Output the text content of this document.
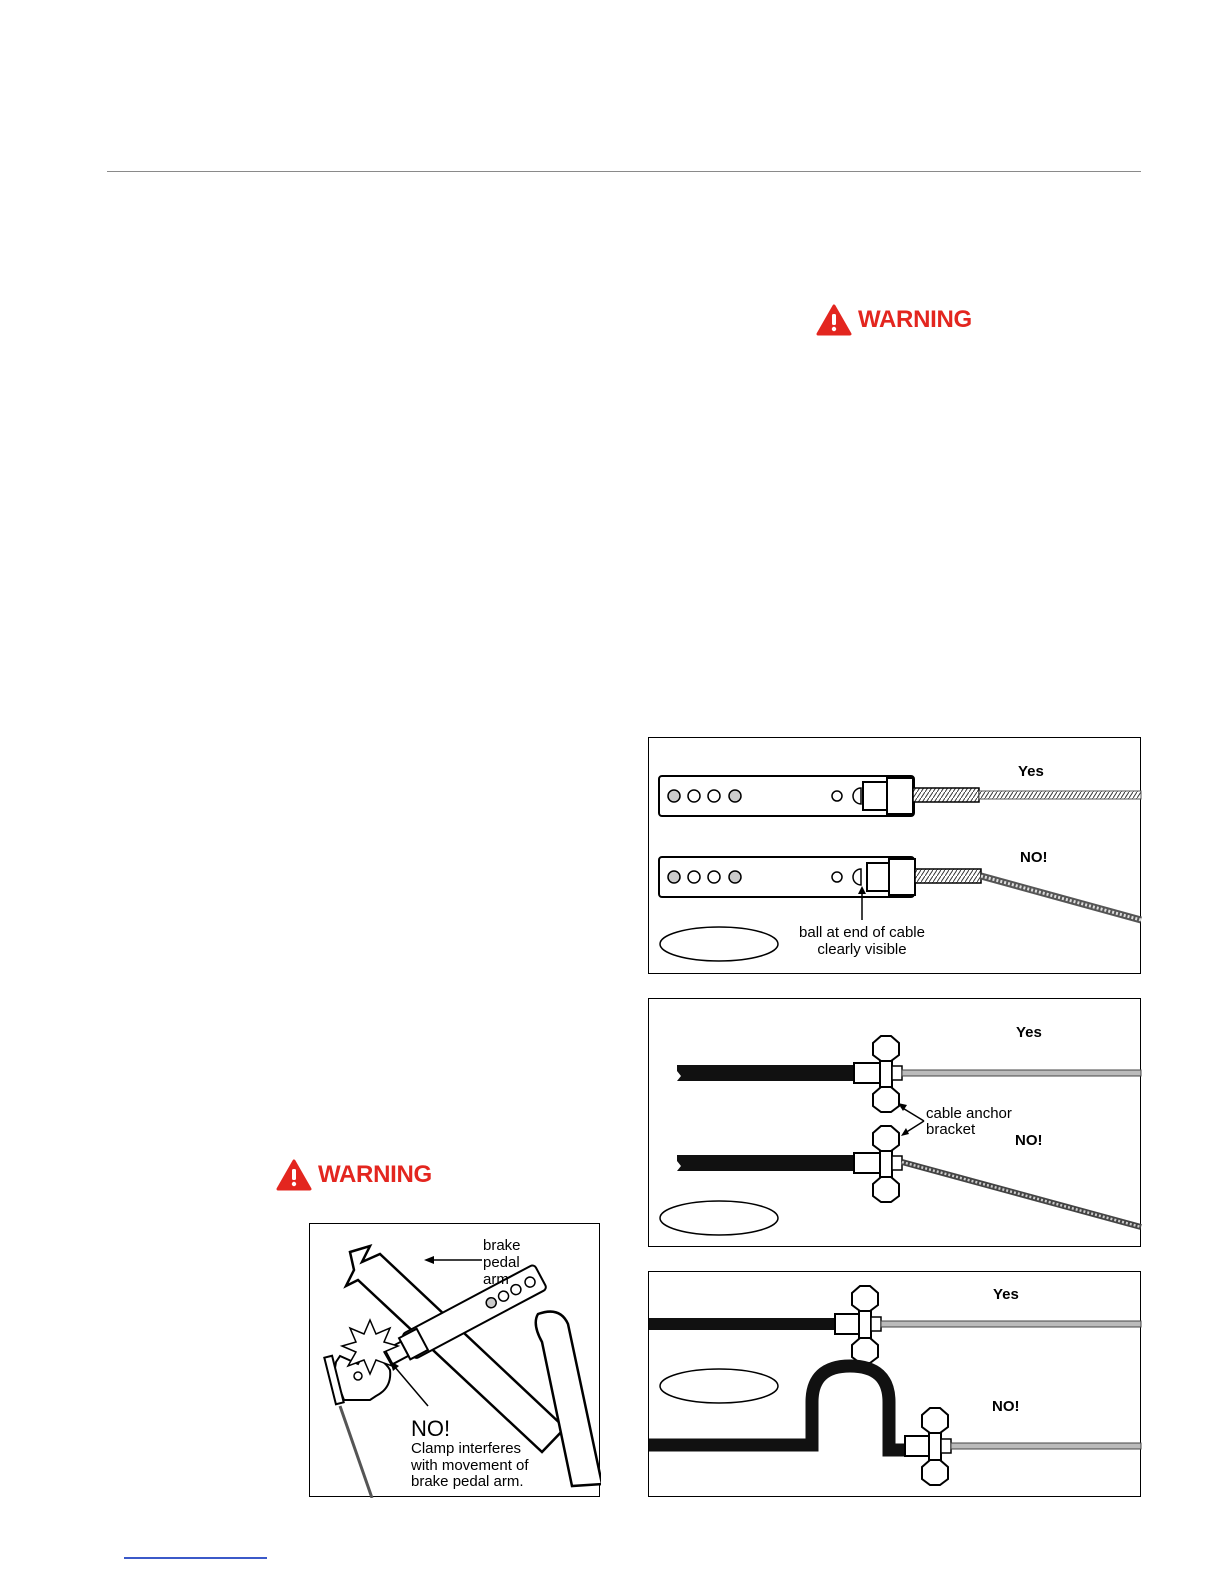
WARNING
WARNING
Yes
NO!
ball at end of cable
clearly visible
Yes
NO!
cable anchor
bracket
Yes
NO!
brake
pedal
arm
NO!
Clamp interferes
with movement of
brake pedal arm.
